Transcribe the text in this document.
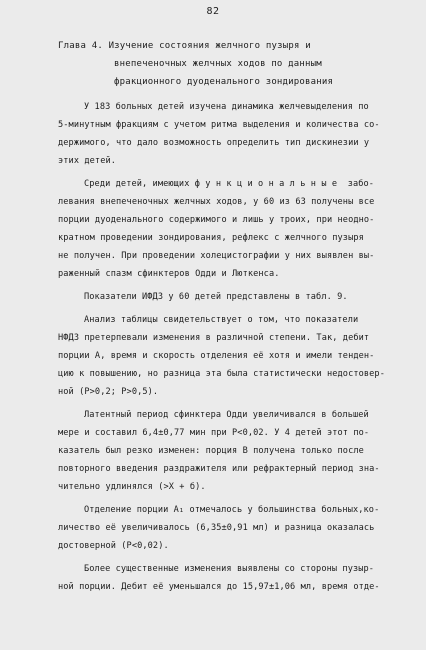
82
Глава 4. Изучение состояния желчного пузыря и
внепеченочных желчных ходов по данным
фракционного дуоденального зондирования
У 183 больных детей изучена динамика желчевыделения по
5-минутным фракциям с учетом ритма выделения и количества со-
держимого, что дало возможность определить тип дискинезии у
этих детей.
Среди детей, имеющих ф у н к ц и о н а л ь н ы е  забо-
левания внепеченочных желчных ходов, у 60 из 63 получены все
порции дуоденального содержимого и лишь у троих, при неодно-
кратном проведении зондирования, рефлекс с желчного пузыря
не получен. При проведении холецистографии у них выявлен вы-
раженный спазм сфинктеров Одди и Люткенса.
Показатели ИФДЗ у 60 детей представлены в табл. 9.
Анализ таблицы свидетельствует о том, что показатели
НФДЗ претерпевали изменения в различной степени. Так, дебит
порции А, время и скорость отделения её хотя и имели тенден-
цию к повышению, но разница эта была статистически недостовер-
ной (Р>0,2; Р>0,5).
Латентный период сфинктера Одди увеличивался в большей
мере и составил 6,4±0,77 мин при Р<0,02. У 4 детей этот по-
казатель был резко изменен: порция В получена только после
повторного введения раздражителя или рефрактерный период зна-
чительно удлинялся (>X + б).
Отделение порции А₁ отмечалось у большинства больных,ко-
личество её увеличивалось (6,35±0,91 мл) и разница оказалась
достоверной (Р<0,02).
Более существенные изменения выявлены со стороны пузыр-
ной порции. Дебит её уменьшался до 15,97±1,06 мл, время отде-
